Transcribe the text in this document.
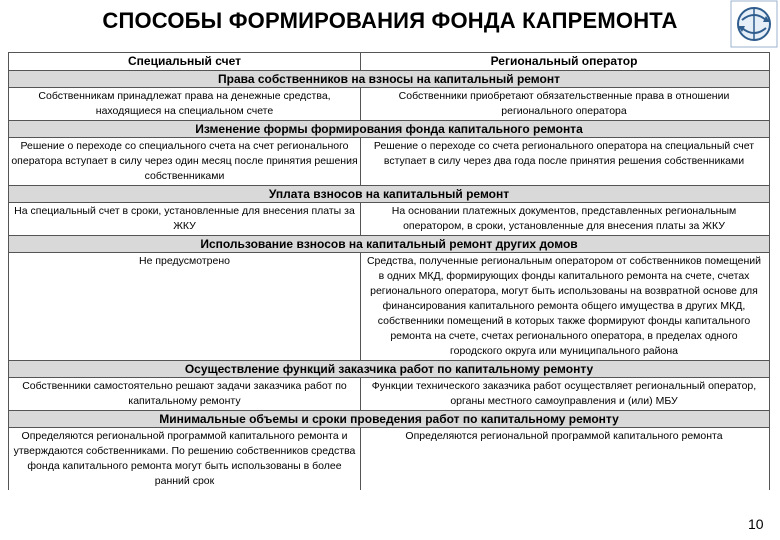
СПОСОБЫ ФОРМИРОВАНИЯ ФОНДА КАПРЕМОНТА
Специальный счет	Региональный оператор
Права собственников на взносы на капитальный ремонт
Собственникам принадлежат права на денежные средства, находящиеся на специальном счете
Собственники приобретают обязательственные права в отношении регионального оператора
Изменение формы формирования фонда капитального ремонта
Решение о переходе со специального счета на счет регионального оператора вступает в силу через один месяц после принятия решения собственниками
Решение о переходе со счета регионального оператора на специальный счет вступает в силу через два года после принятия решения собственниками
Уплата взносов на капитальный ремонт
На специальный счет в сроки, установленные для внесения платы за ЖКУ
На основании платежных документов, представленных региональным оператором, в сроки, установленные для внесения платы за ЖКУ
Использование взносов на капитальный ремонт других домов
Не предусмотрено	Средства, полученные региональным оператором от собственников помещений в одних МКД, формирующих фонды капитального ремонта на счете, счетах регионального оператора, могут быть использованы на возвратной основе для финансирования капитального ремонта общего имущества в других МКД, собственники помещений в которых также формируют фонды капитального ремонта на счете, счетах регионального оператора, в пределах одного городского округа или муниципального района
Осуществление функций заказчика работ по капитальному ремонту
Собственники самостоятельно решают задачи заказчика работ по капитальному ремонту
Функции технического заказчика работ осуществляет региональный оператор, органы местного самоуправления и (или) МБУ
Минимальные объемы и сроки проведения работ по капитальному ремонту
Определяются региональной программой капитального ремонта и утверждаются собственниками. По решению собственников средства фонда капитального ремонта могут быть использованы в более ранний срок
Определяются региональной программой капитального ремонта
10
